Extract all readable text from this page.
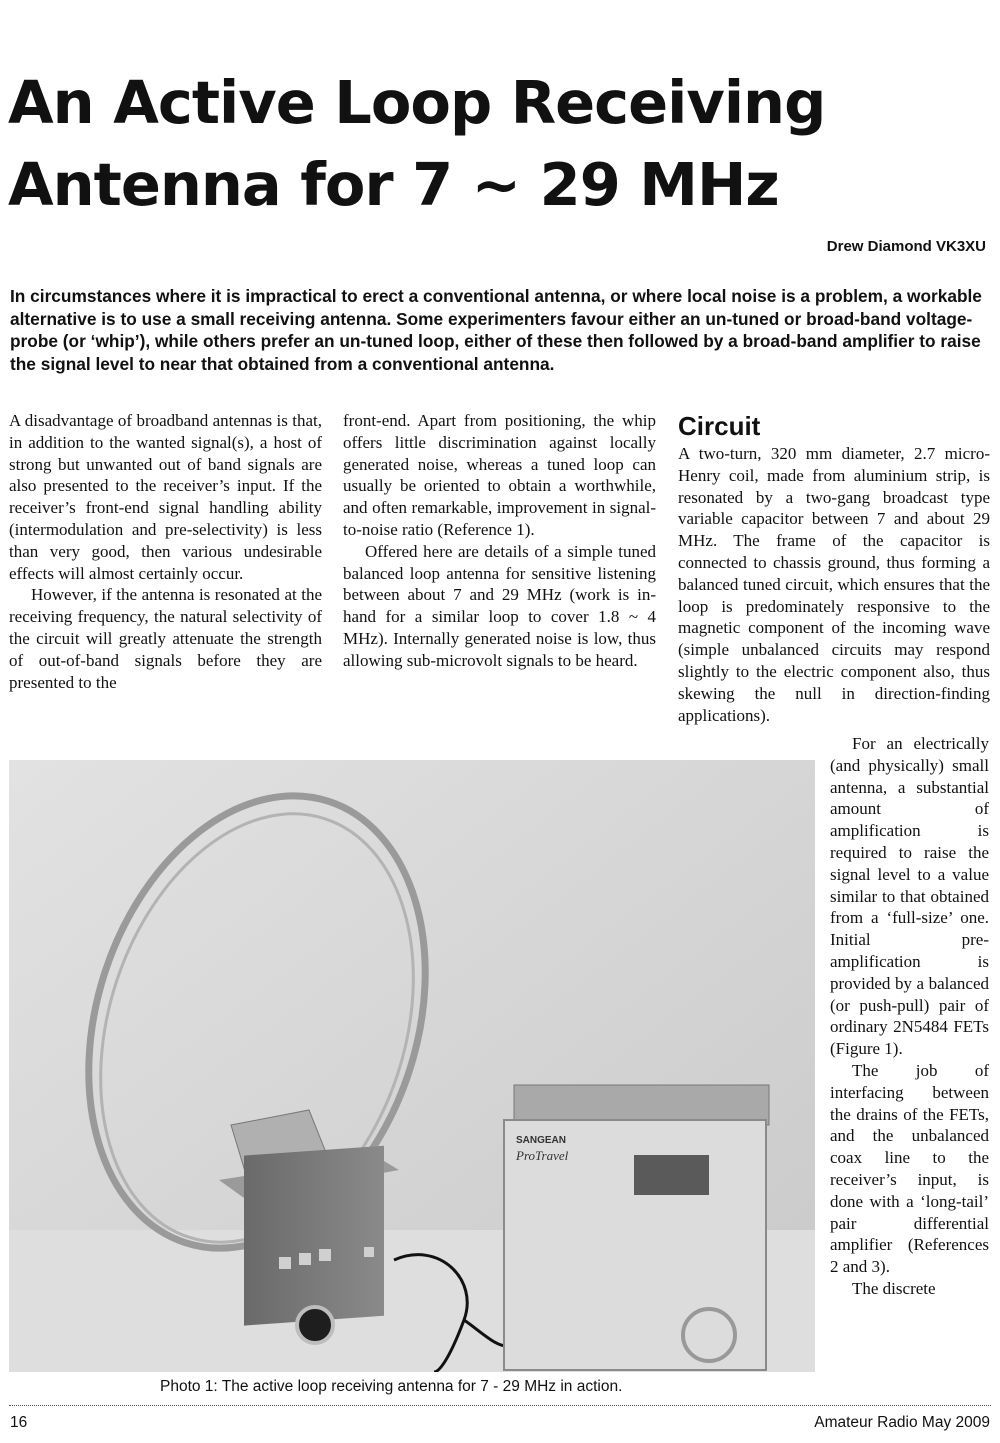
An Active Loop Receiving
Antenna for 7 ~ 29 MHz
Drew Diamond VK3XU

In circumstances where it is impractical to erect a conventional antenna, or where local noise is a problem, a workable alternative is to use a small receiving antenna. Some experimenters favour either an un-tuned or broad-band voltage-probe (or ‘whip’), while others prefer an un-tuned loop, either of these then followed by a broad-band amplifier to raise the signal level to near that obtained from a conventional antenna.

A disadvantage of broadband antennas is that, in addition to the wanted signal(s), a host of strong but unwanted out of band signals are also presented to the receiver’s input. If the receiver’s front-end signal handling ability (intermodulation and pre-selectivity) is less than very good, then various undesirable effects will almost certainly occur.

However, if the antenna is resonated at the receiving frequency, the natural selectivity of the circuit will greatly attenuate the strength of out-of-band signals before they are presented to the

front-end. Apart from positioning, the whip offers little discrimination against locally generated noise, whereas a tuned loop can usually be oriented to obtain a worthwhile, and often remarkable, improvement in signal-to-noise ratio (Reference 1).

Offered here are details of a simple tuned balanced loop antenna for sensitive listening between about 7 and 29 MHz (work is in-hand for a similar loop to cover 1.8 ~ 4 MHz). Internally generated noise is low, thus allowing sub-microvolt signals to be heard.

Circuit

A two-turn, 320 mm diameter, 2.7 micro-Henry coil, made from aluminium strip, is resonated by a two-gang broadcast type variable capacitor between 7 and about 29 MHz. The frame of the capacitor is connected to chassis ground, thus forming a balanced tuned circuit, which ensures that the loop is predominately responsive to the magnetic component of the incoming wave (simple unbalanced circuits may respond slightly to the electric component also, thus skewing the null in direction-finding applications).

For an electrically (and physically) small antenna, a substantial amount of amplification is required to raise the signal level to a value similar to that obtained from a ‘full-size’ one. Initial pre-amplification is provided by a balanced (or push-pull) pair of ordinary 2N5484 FETs (Figure 1).

The job of interfacing between the drains of the FETs, and the unbalanced coax line to the receiver’s input, is done with a ‘long-tail’ pair differential amplifier (References 2 and 3).

The discrete

SANGEAN
ProTravel
Photo 1: The active loop receiving antenna for 7 - 29 MHz in action.
16	Amateur Radio May 2009
